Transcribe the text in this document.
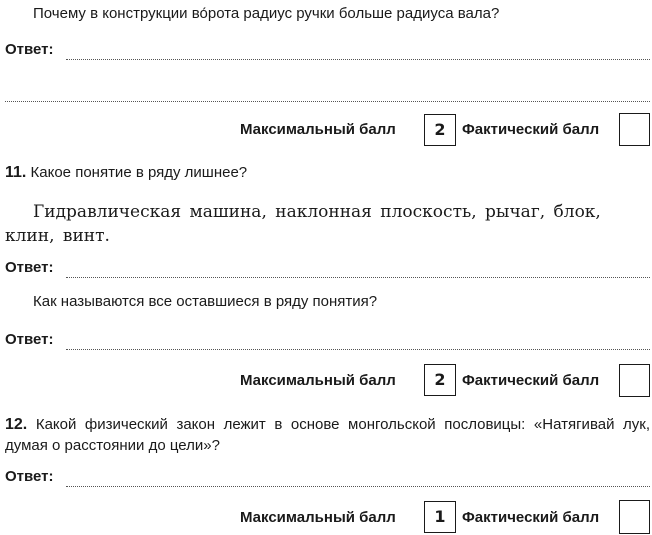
Почему в конструкции во́рота радиус ручки больше радиуса вала?
Ответ:
Максимальный балл	2	Фактический балл
11. Какое понятие в ряду лишнее?
Гидравлическая машина, наклонная плоскость, рычаг, блок, клин, винт.
Ответ:
Как называются все оставшиеся в ряду понятия?
Ответ:
Максимальный балл	2	Фактический балл
12. Какой физический закон лежит в основе монгольской пословицы: «Натягивай лук, думая о расстоянии до цели»?
Ответ:
Максимальный балл	1	Фактический балл
